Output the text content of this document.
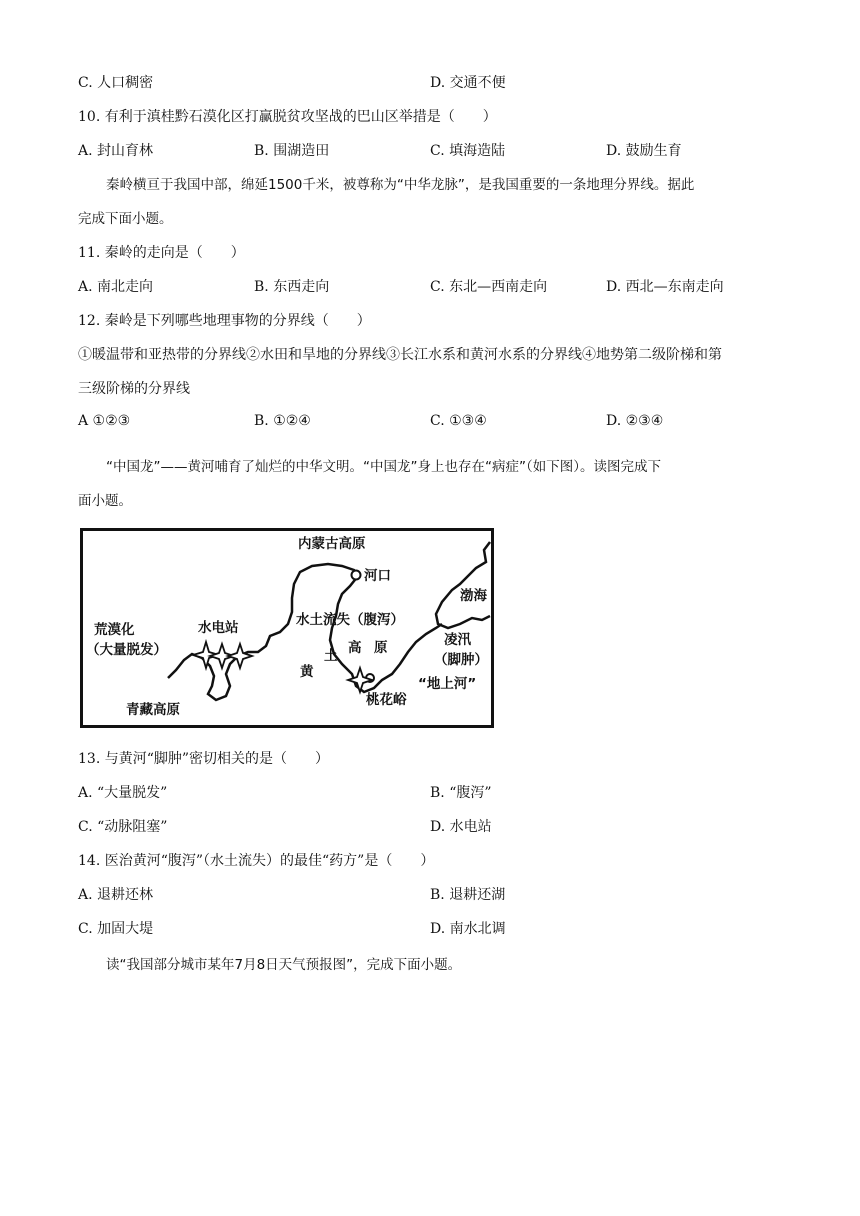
C. 人口稠密	D. 交通不便
10. 有利于滇桂黔石漠化区打赢脱贫攻坚战的巴山区举措是（　　）
A. 封山育林	B. 围湖造田	C. 填海造陆	D. 鼓励生育
秦岭横亘于我国中部，绵延1500千米，被尊称为“中华龙脉”，是我国重要的一条地理分界线。据此
完成下面小题。
11. 秦岭的走向是（　　）
A. 南北走向	B. 东西走向	C. 东北—西南走向	D. 西北—东南走向
12. 秦岭是下列哪些地理事物的分界线（　　）
①暖温带和亚热带的分界线②水田和旱地的分界线③长江水系和黄河水系的分界线④地势第二级阶梯和第
三级阶梯的分界线
A ①②③	B. ①②④	C. ①③④	D. ②③④
“中国龙”——黄河哺育了灿烂的中华文明。“中国龙”身上也存在“病症”（如下图）。读图完成下
面小题。
内蒙古高原
河口
渤海
水电站	水土流失（腹泻）
荒漠化
（大量脱发）
凌汛
（脚肿）
黄
土 高 原
桃花峪
“地上河”
青藏高原
13. 与黄河“脚肿”密切相关的是（　　）
A. “大量脱发”	B. “腹泻”
C. “动脉阻塞”	D. 水电站
14. 医治黄河“腹泻”（水土流失）的最佳“药方”是（　　）
A. 退耕还林	B. 退耕还湖
C. 加固大堤	D. 南水北调
读“我国部分城市某年7月8日天气预报图”，完成下面小题。
